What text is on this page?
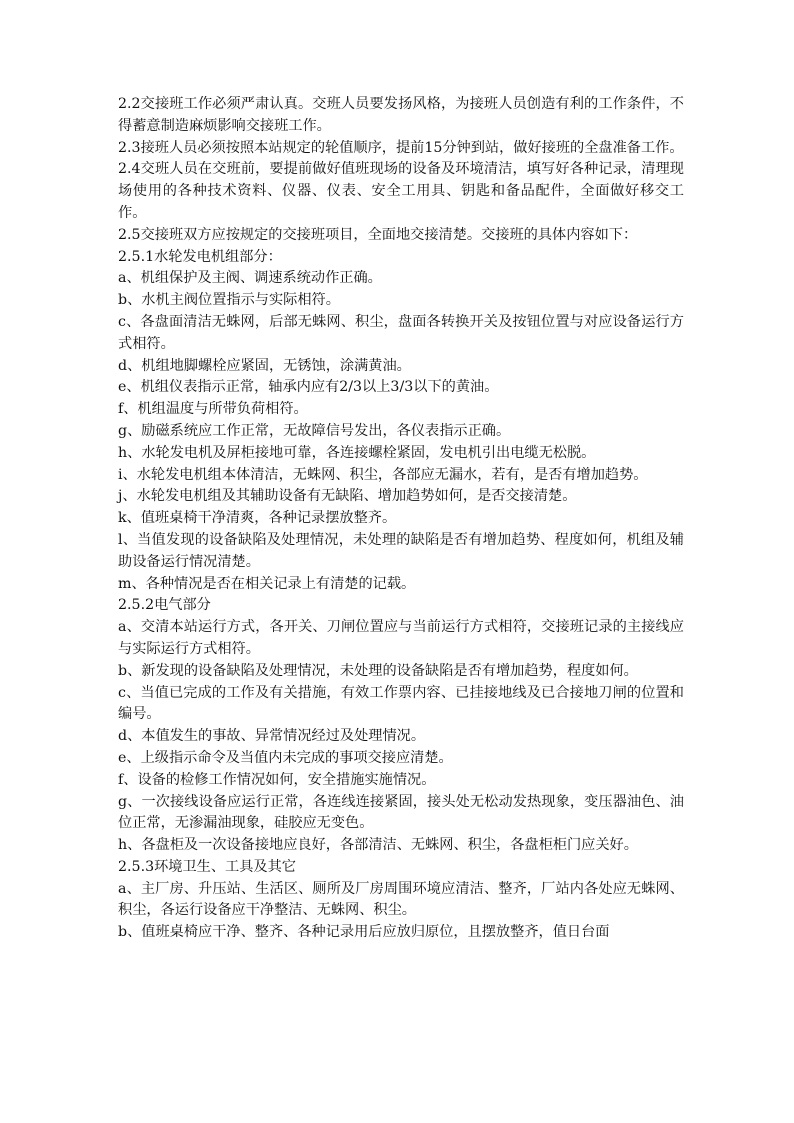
2.2交接班工作必须严肃认真。交班人员要发扬风格，为接班人员创造有利的工作条件，不得蓄意制造麻烦影响交接班工作。

2.3接班人员必须按照本站规定的轮值顺序，提前15分钟到站，做好接班的全盘准备工作。

2.4交班人员在交班前，要提前做好值班现场的设备及环境清洁，填写好各种记录，清理现场使用的各种技术资料、仪器、仪表、安全工用具、钥匙和备品配件，全面做好移交工作。

2.5交接班双方应按规定的交接班项目，全面地交接清楚。交接班的具体内容如下：

2.5.1水轮发电机组部分：

a、机组保护及主阀、调速系统动作正确。

b、水机主阀位置指示与实际相符。

c、各盘面清洁无蛛网，后部无蛛网、积尘，盘面各转换开关及按钮位置与对应设备运行方式相符。

d、机组地脚螺栓应紧固，无锈蚀，涂满黄油。

e、机组仪表指示正常，轴承内应有2/3以上3/3以下的黄油。

f、机组温度与所带负荷相符。

g、励磁系统应工作正常，无故障信号发出，各仪表指示正确。

h、水轮发电机及屏柜接地可靠，各连接螺栓紧固，发电机引出电缆无松脱。

i、水轮发电机组本体清洁，无蛛网、积尘，各部应无漏水，若有，是否有增加趋势。

j、水轮发电机组及其辅助设备有无缺陷、增加趋势如何，是否交接清楚。

k、值班桌椅干净清爽，各种记录摆放整齐。

l、当值发现的设备缺陷及处理情况，未处理的缺陷是否有增加趋势、程度如何，机组及辅助设备运行情况清楚。

m、各种情况是否在相关记录上有清楚的记载。

2.5.2电气部分

a、交清本站运行方式，各开关、刀闸位置应与当前运行方式相符，交接班记录的主接线应与实际运行方式相符。

b、新发现的设备缺陷及处理情况，未处理的设备缺陷是否有增加趋势，程度如何。

c、当值已完成的工作及有关措施，有效工作票内容、已挂接地线及已合接地刀闸的位置和编号。

d、本值发生的事故、异常情况经过及处理情况。

e、上级指示命令及当值内未完成的事项交接应清楚。

f、设备的检修工作情况如何，安全措施实施情况。

g、一次接线设备应运行正常，各连线连接紧固，接头处无松动发热现象，变压器油色、油位正常，无渗漏油现象，硅胶应无变色。

h、各盘柜及一次设备接地应良好，各部清洁、无蛛网、积尘，各盘柜柜门应关好。

2.5.3环境卫生、工具及其它

a、主厂房、升压站、生活区、厕所及厂房周围环境应清洁、整齐，厂站内各处应无蛛网、积尘，各运行设备应干净整洁、无蛛网、积尘。

b、值班桌椅应干净、整齐、各种记录用后应放归原位，且摆放整齐，值日台面
